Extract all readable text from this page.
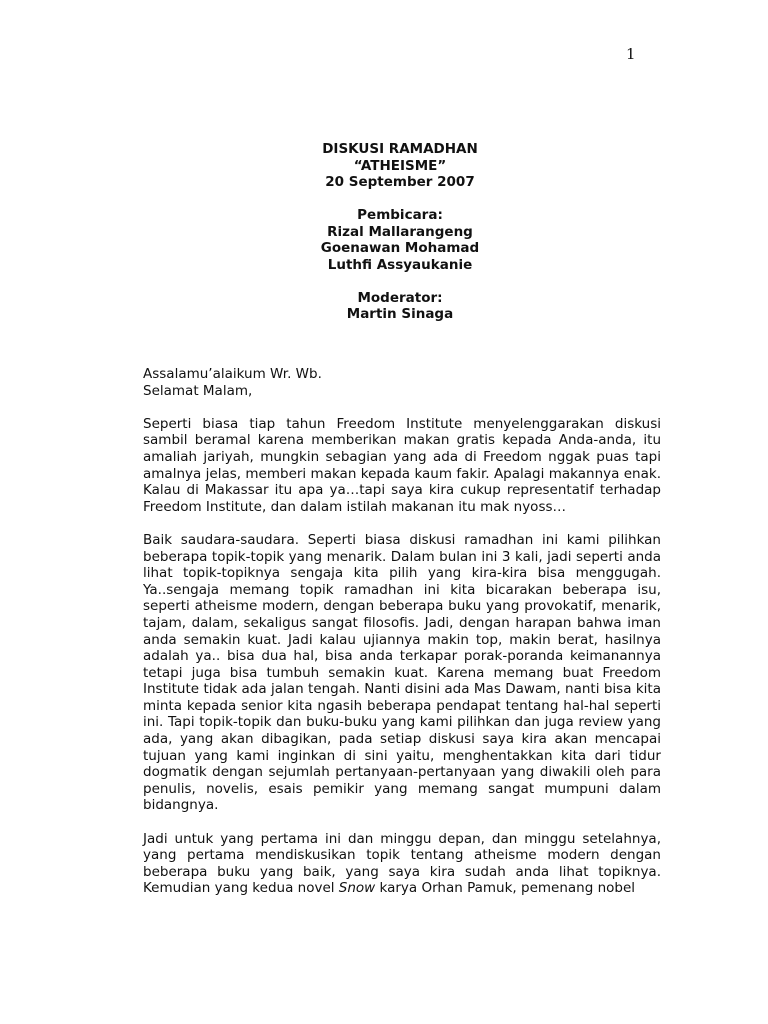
1
DISKUSI RAMADHAN
“ATHEISME”
20 September 2007
Pembicara:
Rizal Mallarangeng
Goenawan Mohamad
Luthfi Assyaukanie
Moderator:
Martin Sinaga

Assalamu’alaikum Wr. Wb.
Selamat Malam,

Seperti biasa tiap tahun Freedom Institute menyelenggarakan diskusi sambil beramal karena memberikan makan gratis kepada Anda-anda, itu amaliah jariyah, mungkin sebagian yang ada di Freedom nggak puas tapi amalnya jelas, memberi makan kepada kaum fakir. Apalagi makannya enak. Kalau di Makassar itu apa ya…tapi saya kira cukup representatif terhadap Freedom Institute, dan dalam istilah makanan itu mak nyoss…

Baik saudara-saudara. Seperti biasa diskusi ramadhan ini kami pilihkan beberapa topik-topik yang menarik. Dalam bulan ini 3 kali, jadi seperti anda lihat topik-topiknya sengaja kita pilih yang kira-kira bisa menggugah. Ya..sengaja memang topik ramadhan ini kita bicarakan beberapa isu, seperti atheisme modern, dengan beberapa buku yang provokatif, menarik, tajam, dalam, sekaligus sangat filosofis. Jadi, dengan harapan bahwa iman anda semakin kuat. Jadi kalau ujiannya makin top, makin berat, hasilnya adalah ya.. bisa dua hal, bisa anda terkapar porak-poranda keimanannya tetapi juga bisa tumbuh semakin kuat. Karena memang buat Freedom Institute tidak ada jalan tengah. Nanti disini ada Mas Dawam, nanti bisa kita minta kepada senior kita ngasih beberapa pendapat tentang hal-hal seperti ini. Tapi topik-topik dan buku-buku yang kami pilihkan dan juga review yang ada, yang akan dibagikan, pada setiap diskusi saya kira akan mencapai tujuan yang kami inginkan di sini yaitu, menghentakkan kita dari tidur dogmatik dengan sejumlah pertanyaan-pertanyaan yang diwakili oleh para penulis, novelis, esais pemikir yang memang sangat mumpuni dalam bidangnya.

Jadi untuk yang pertama ini dan minggu depan, dan minggu setelahnya, yang pertama mendiskusikan topik tentang atheisme modern dengan beberapa buku yang baik, yang saya kira sudah anda lihat topiknya. Kemudian yang kedua novel Snow karya Orhan Pamuk, pemenang nobel
